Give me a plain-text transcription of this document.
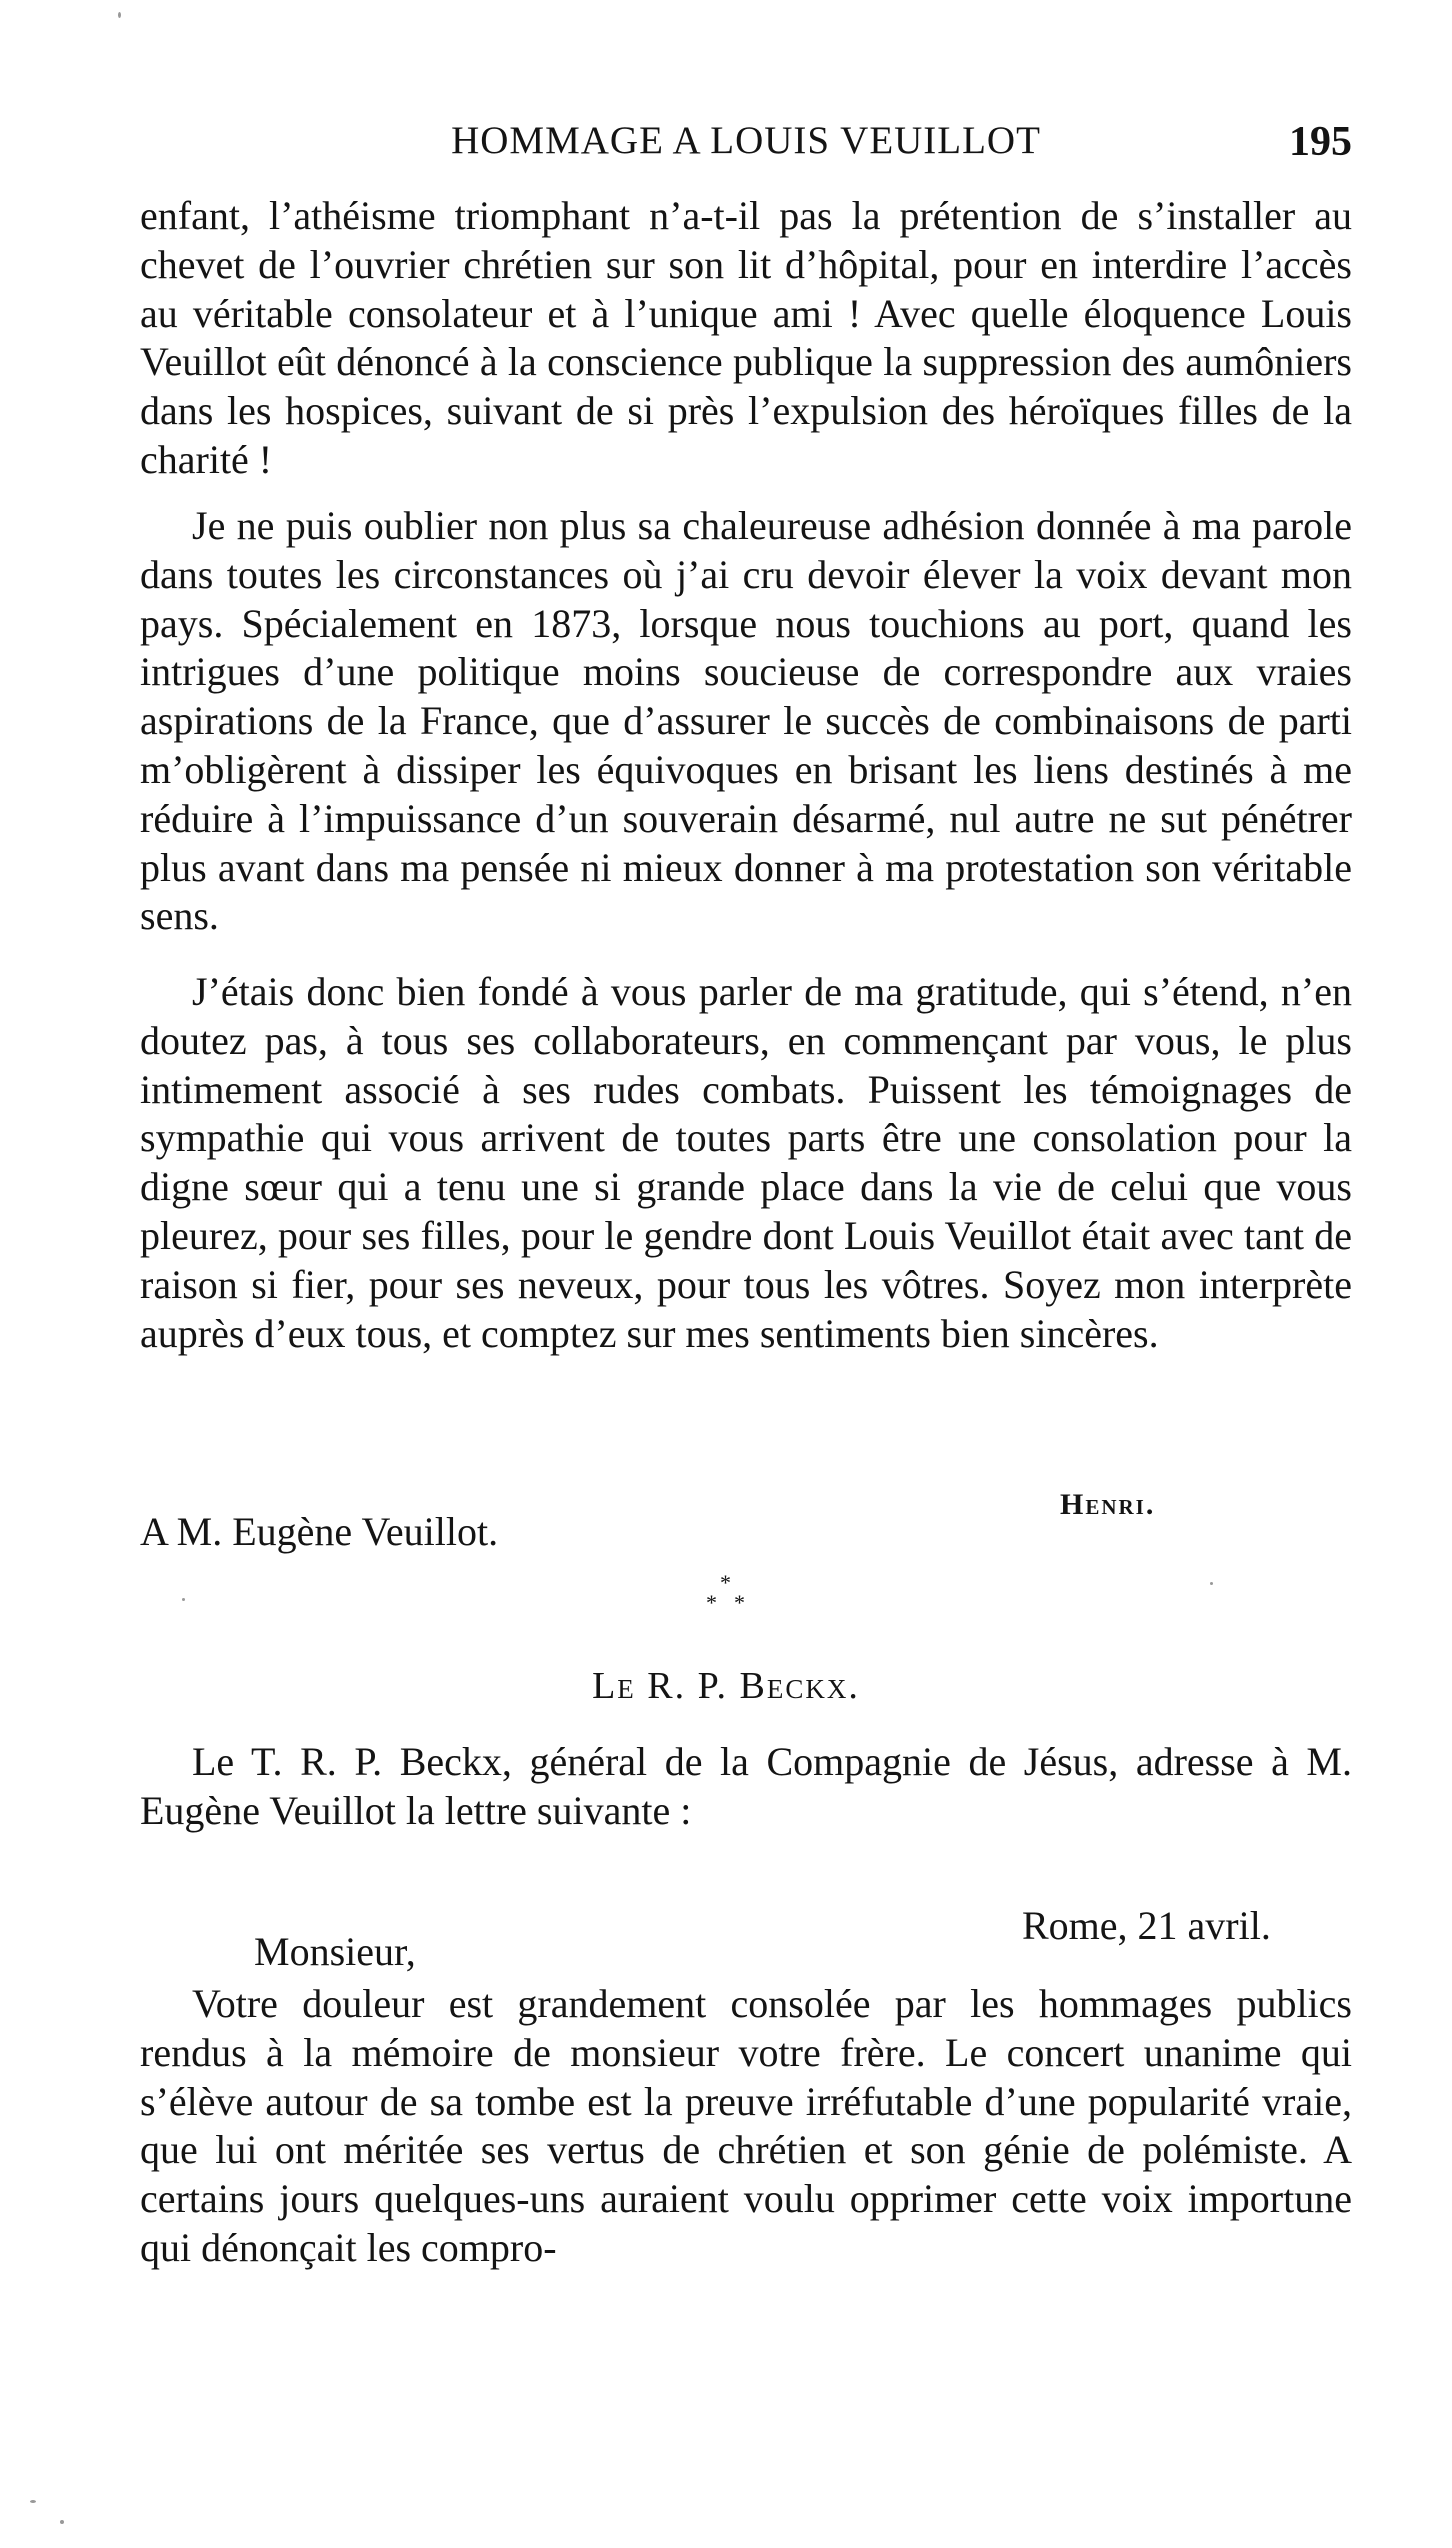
HOMMAGE A LOUIS VEUILLOT	195

enfant, l’athéisme triomphant n’a-t-il pas la prétention de s’installer au chevet de l’ouvrier chrétien sur son lit d’hôpital, pour en interdire l’accès au véritable consolateur et à l’unique ami ! Avec quelle éloquence Louis Veuillot eût dénoncé à la conscience publique la suppression des aumôniers dans les hospices, suivant de si près l’expulsion des héroïques filles de la charité !

Je ne puis oublier non plus sa chaleureuse adhésion donnée à ma parole dans toutes les circonstances où j’ai cru devoir élever la voix devant mon pays. Spécialement en 1873, lorsque nous touchions au port, quand les intrigues d’une politique moins soucieuse de correspondre aux vraies aspirations de la France, que d’assurer le succès de combinaisons de parti m’obligèrent à dissiper les équivoques en brisant les liens destinés à me réduire à l’impuissance d’un souverain désarmé, nul autre ne sut pénétrer plus avant dans ma pensée ni mieux donner à ma protestation son véritable sens.

J’étais donc bien fondé à vous parler de ma gratitude, qui s’étend, n’en doutez pas, à tous ses collaborateurs, en commençant par vous, le plus intimement associé à ses rudes combats. Puissent les témoignages de sympathie qui vous arrivent de toutes parts être une consolation pour la digne sœur qui a tenu une si grande place dans la vie de celui que vous pleurez, pour ses filles, pour le gendre dont Louis Veuillot était avec tant de raison si fier, pour ses neveux, pour tous les vôtres. Soyez mon interprète auprès d’eux tous, et comptez sur mes sentiments bien sincères.

Henri.
A M. Eugène Veuillot.
*
* *
Le R. P. Beckx.

Le T. R. P. Beckx, général de la Compagnie de Jésus, adresse à M. Eugène Veuillot la lettre suivante :

Rome, 21 avril.
Monsieur,

Votre douleur est grandement consolée par les hommages publics rendus à la mémoire de monsieur votre frère. Le concert unanime qui s’élève autour de sa tombe est la preuve irréfutable d’une popularité vraie, que lui ont méritée ses vertus de chrétien et son génie de polémiste. A certains jours quelques-uns auraient voulu opprimer cette voix importune qui dénonçait les compro-
